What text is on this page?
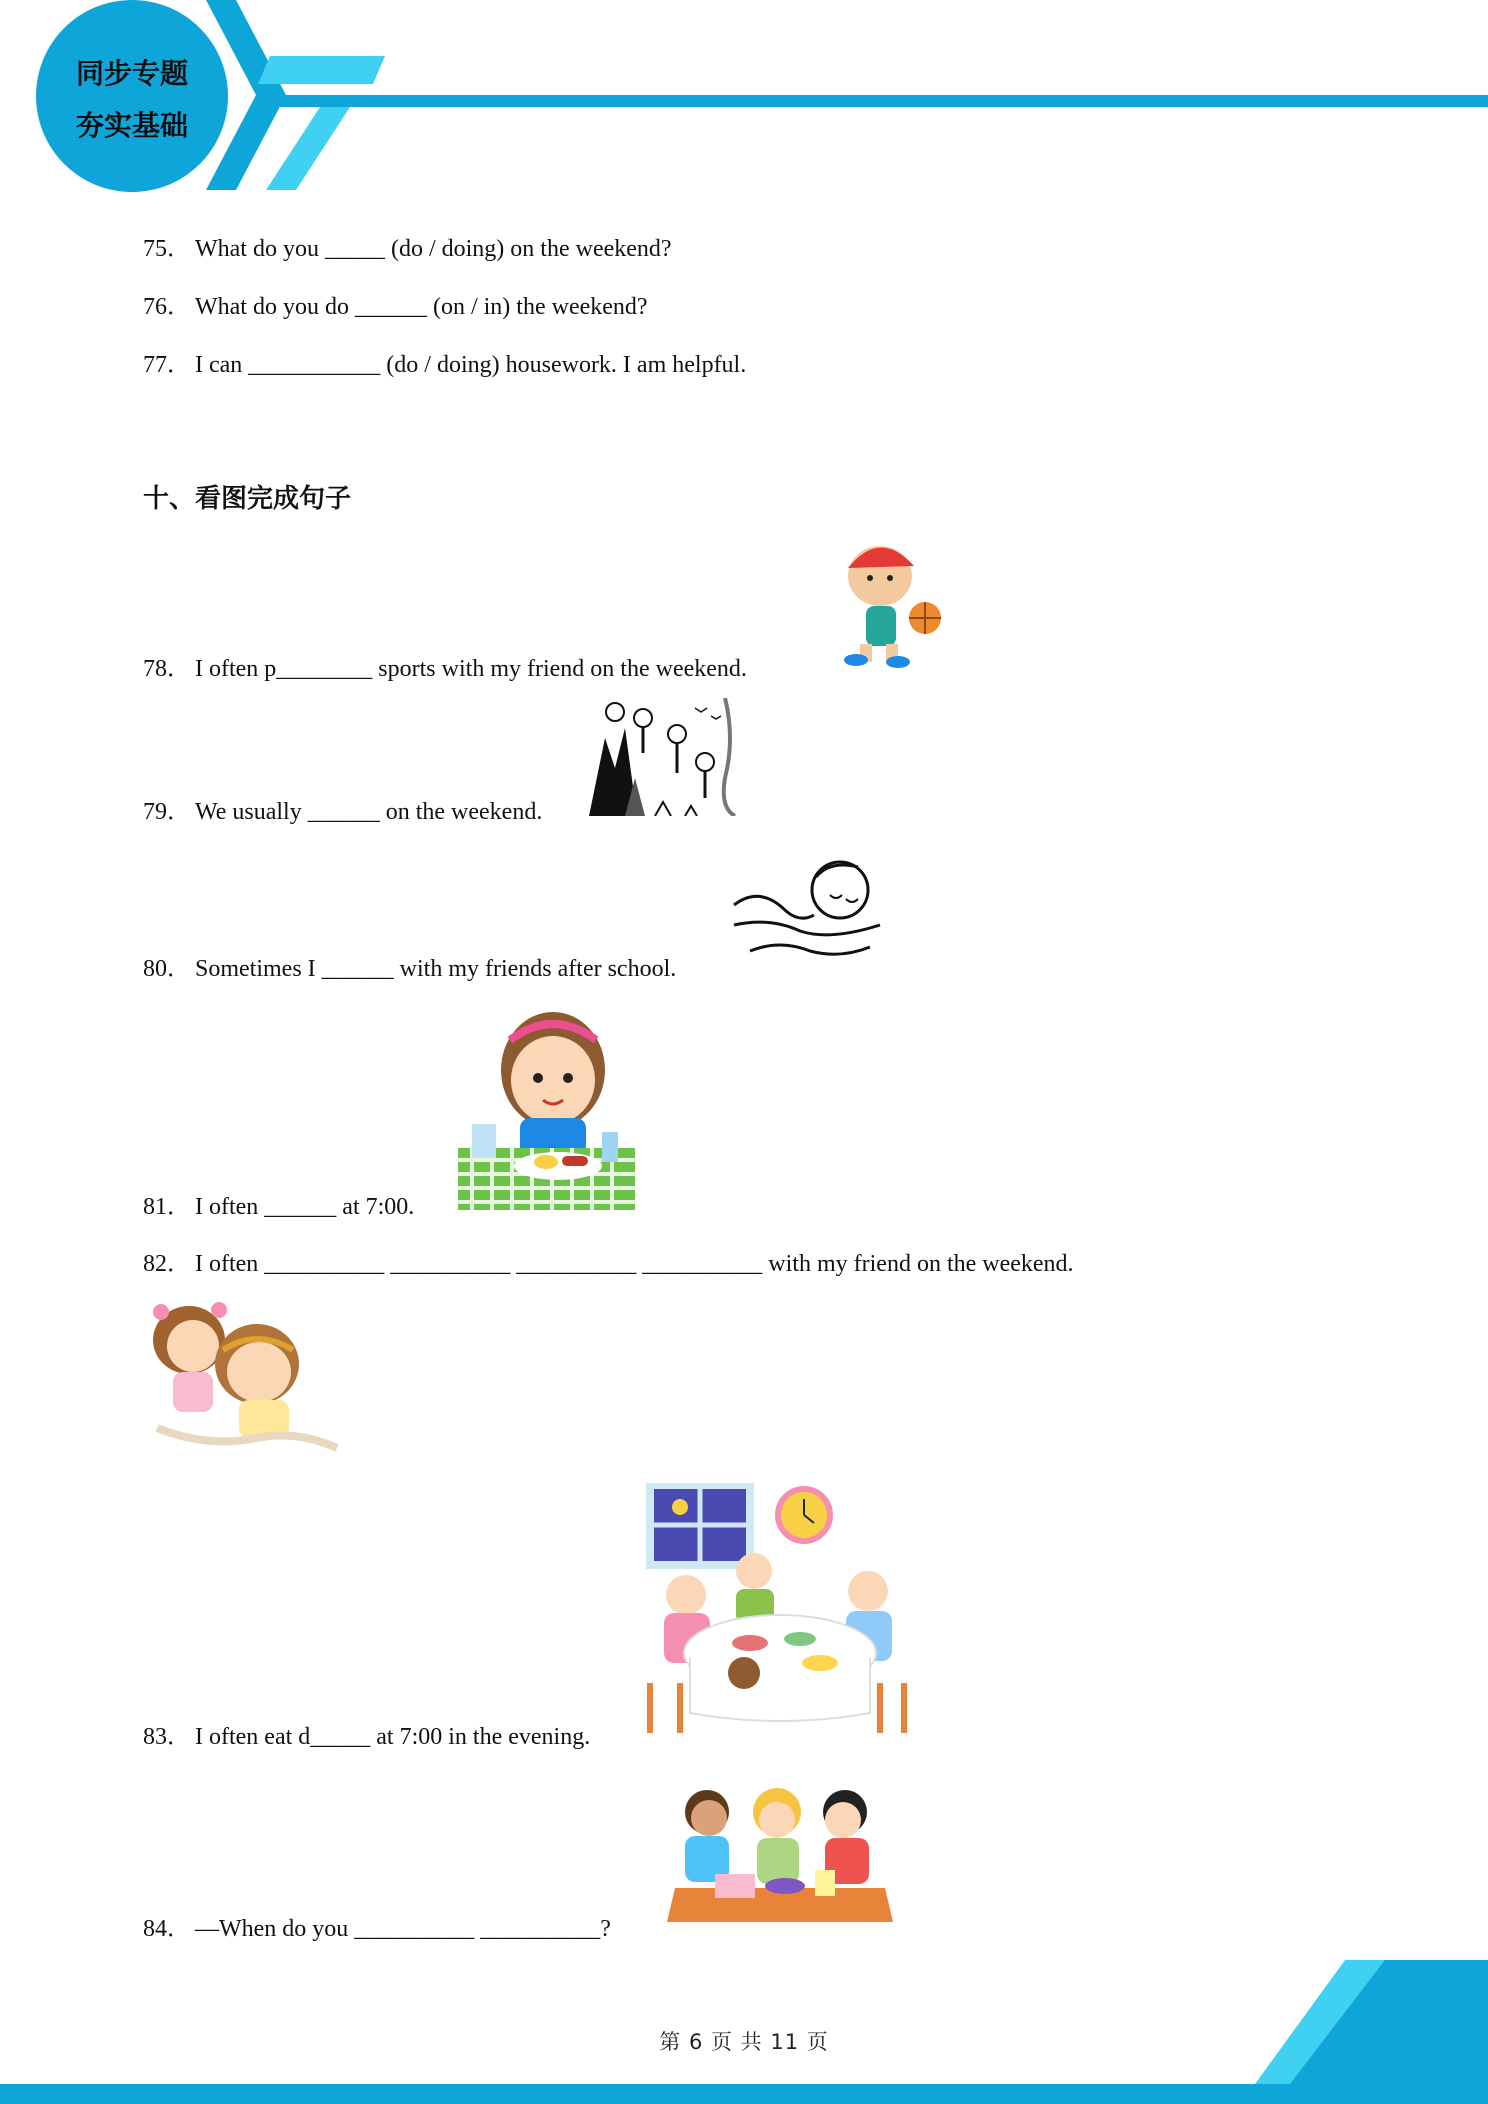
同步专题
夯实基础
75． What do you _____ (do / doing) on the weekend?
76． What do you do ______ (on / in) the weekend?
77． I can ___________ (do / doing) housework. I am helpful.
十、看图完成句子
78． I often p________ sports with my friend on the weekend.
79． We usually ______ on the weekend.
80． Sometimes I ______ with my friends after school.
81． I often ______ at 7:00.
82． I often __________ __________ __________ __________ with my friend on the weekend.
83． I often eat d_____ at 7:00 in the evening.
84． —When do you __________ __________?
第 6 页 共 11 页
